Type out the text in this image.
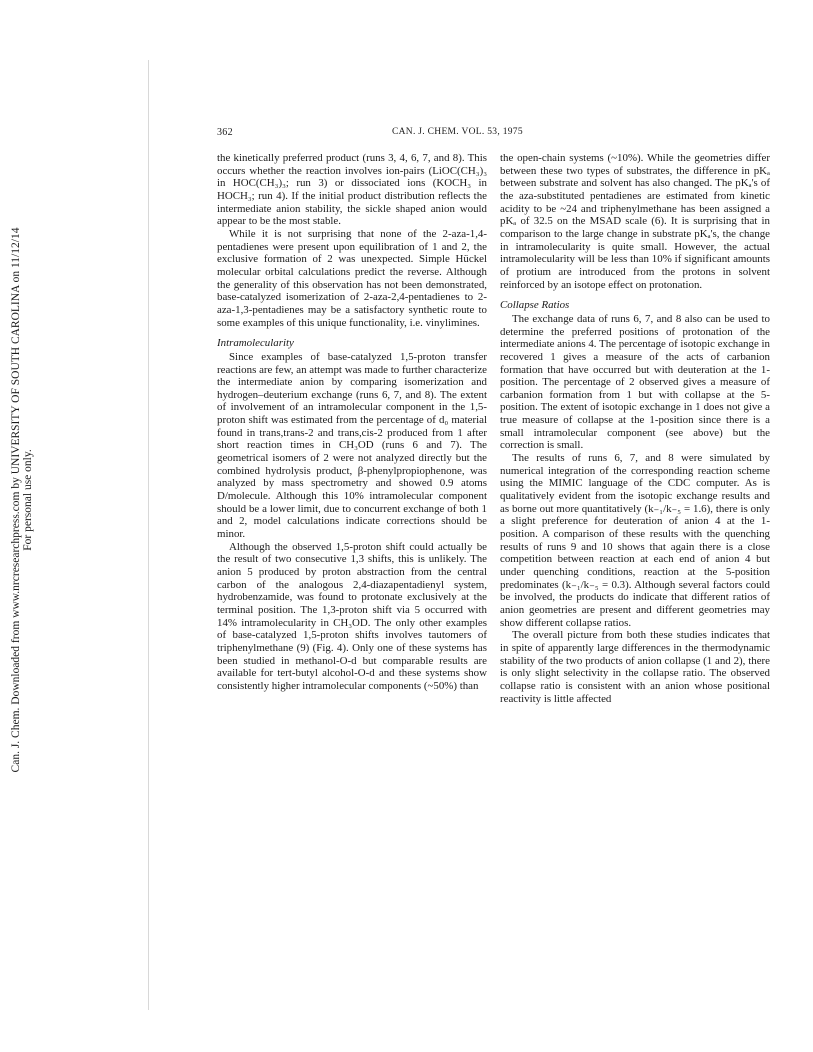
Can. J. Chem. Downloaded from www.nrcresearchpress.com by UNIVERSITY OF SOUTH CAROLINA on 11/12/14 For personal use only.
362	CAN. J. CHEM. VOL. 53, 1975

the kinetically preferred product (runs 3, 4, 6, 7, and 8). This occurs whether the reaction involves ion-pairs (LiOC(CH₃)₃ in HOC(CH₃)₃; run 3) or dissociated ions (KOCH₃ in HOCH₃; run 4). If the initial product distribution reflects the intermediate anion stability, the sickle shaped anion would appear to be the most stable.

While it is not surprising that none of the 2-aza-1,4-pentadienes were present upon equilibration of 1 and 2, the exclusive formation of 2 was unexpected. Simple Hückel molecular orbital calculations predict the reverse. Although the generality of this observation has not been demonstrated, base-catalyzed isomerization of 2-aza-2,4-pentadienes to 2-aza-1,3-pentadienes may be a satisfactory synthetic route to some examples of this unique functionality, i.e. vinylimines.

Intramolecularity

Since examples of base-catalyzed 1,5-proton transfer reactions are few, an attempt was made to further characterize the intermediate anion by comparing isomerization and hydrogen–deuterium exchange (runs 6, 7, and 8). The extent of involvement of an intramolecular component in the 1,5-proton shift was estimated from the percentage of d₀ material found in trans,trans-2 and trans,cis-2 produced from 1 after short reaction times in CH₃OD (runs 6 and 7). The geometrical isomers of 2 were not analyzed directly but the combined hydrolysis product, β-phenylpropiophenone, was analyzed by mass spectrometry and showed 0.9 atoms D/molecule. Although this 10% intramolecular component should be a lower limit, due to concurrent exchange of both 1 and 2, model calculations indicate corrections should be minor.

Although the observed 1,5-proton shift could actually be the result of two consecutive 1,3 shifts, this is unlikely. The anion 5 produced by proton abstraction from the central carbon of the analogous 2,4-diazapentadienyl system, hydrobenzamide, was found to protonate exclusively at the terminal position. The 1,3-proton shift via 5 occurred with 14% intramolecularity in CH₃OD. The only other examples of base-catalyzed 1,5-proton shifts involves tautomers of triphenylmethane (9) (Fig. 4). Only one of these systems has been studied in methanol-O-d but comparable results are available for tert-butyl alcohol-O-d and these systems show consistently higher intramolecular components (~50%) than

the open-chain systems (~10%). While the geometries differ between these two types of substrates, the difference in pKₐ between substrate and solvent has also changed. The pKₐ's of the aza-substituted pentadienes are estimated from kinetic acidity to be ~24 and triphenylmethane has been assigned a pKₐ of 32.5 on the MSAD scale (6). It is surprising that in comparison to the large change in substrate pKₐ's, the change in intramolecularity is quite small. However, the actual intramolecularity will be less than 10% if significant amounts of protium are introduced from the protons in solvent reinforced by an isotope effect on protonation.

Collapse Ratios

The exchange data of runs 6, 7, and 8 also can be used to determine the preferred positions of protonation of the intermediate anions 4. The percentage of isotopic exchange in recovered 1 gives a measure of the acts of carbanion formation that have occurred but with deuteration at the 1-position. The percentage of 2 observed gives a measure of carbanion formation from 1 but with collapse at the 5-position. The extent of isotopic exchange in 1 does not give a true measure of collapse at the 1-position since there is a small intramolecular component (see above) but the correction is small.

The results of runs 6, 7, and 8 were simulated by numerical integration of the corresponding reaction scheme using the MIMIC language of the CDC computer. As is qualitatively evident from the isotopic exchange results and as borne out more quantitatively (k₋₁/k₋₅ = 1.6), there is only a slight preference for deuteration of anion 4 at the 1-position. A comparison of these results with the quenching results of runs 9 and 10 shows that again there is a close competition between reaction at each end of anion 4 but under quenching conditions, reaction at the 5-position predominates (k₋₁/k₋₅ = 0.3). Although several factors could be involved, the products do indicate that different ratios of anion geometries are present and different geometries may show different collapse ratios.

The overall picture from both these studies indicates that in spite of apparently large differences in the thermodynamic stability of the two products of anion collapse (1 and 2), there is only slight selectivity in the collapse ratio. The observed collapse ratio is consistent with an anion whose positional reactivity is little affected
